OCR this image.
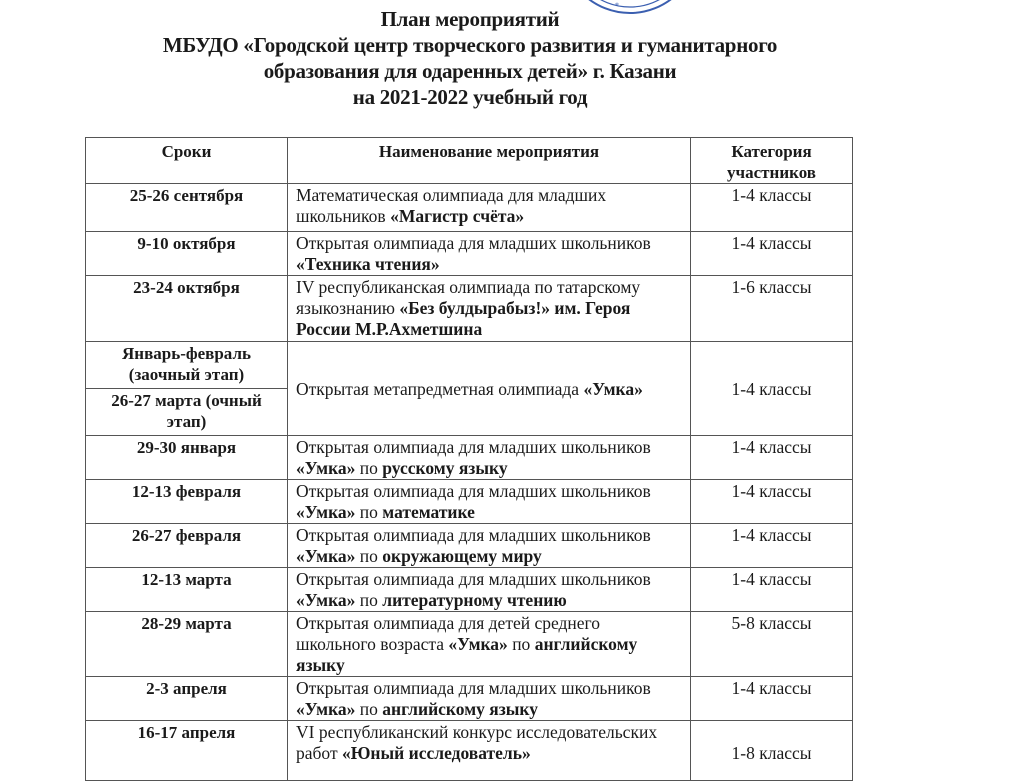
*
План мероприятий
МБУДО «Городской центр творческого развития и гуманитарного
образования для одаренных детей» г. Казани
на 2021-2022 учебный год
Сроки	Наименование мероприятия	Категория участников
25-26 сентября	Математическая олимпиада для младших школьников «Магистр счёта»	1-4 классы
9-10 октября	Открытая олимпиада для младших школьников «Техника чтения»	1-4 классы
23-24 октября	IV республиканская олимпиада по татарскому языкознанию «Без булдырабыз!» им. Героя России М.Р.Ахметшина	1-6 классы
Январь-февраль (заочный этап)	Открытая метапредметная олимпиада «Умка»	1-4 классы
26-27 марта (очный этап)		
29-30 января	Открытая олимпиада для младших школьников «Умка» по русскому языку	1-4 классы
12-13 февраля	Открытая олимпиада для младших школьников «Умка» по математике	1-4 классы
26-27 февраля	Открытая олимпиада для младших школьников «Умка» по окружающему миру	1-4 классы
12-13 марта	Открытая олимпиада для младших школьников «Умка» по литературному чтению	1-4 классы
28-29 марта	Открытая олимпиада для детей среднего школьного возраста «Умка» по английскому языку	5-8 классы
2-3 апреля	Открытая олимпиада для младших школьников «Умка» по английскому языку	1-4 классы
16-17 апреля	VI республиканский конкурс исследовательских работ «Юный исследователь»	1-8 классы
